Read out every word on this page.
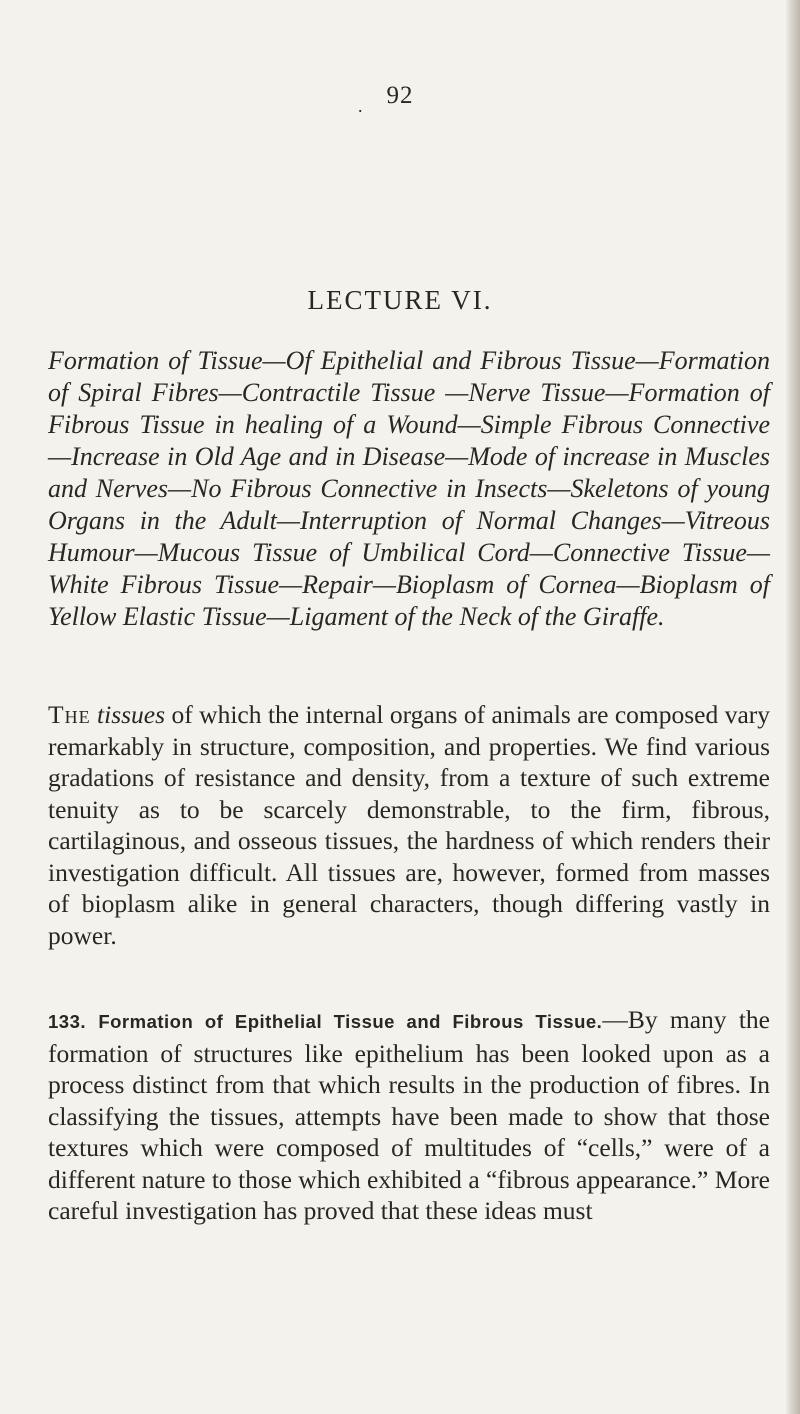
. 92
LECTURE VI.

Formation of Tissue—Of Epithelial and Fibrous Tissue—Formation of Spiral Fibres—Contractile Tissue —Nerve Tissue—Formation of Fibrous Tissue in healing of a Wound—Simple Fibrous Connective —Increase in Old Age and in Disease—Mode of increase in Muscles and Nerves—No Fibrous Connective in Insects—Skeletons of young Organs in the Adult—Interruption of Normal Changes—Vitreous Humour—Mucous Tissue of Umbilical Cord—Connective Tissue—White Fibrous Tissue—Repair—Bioplasm of Cornea—Bioplasm of Yellow Elastic Tissue—Ligament of the Neck of the Giraffe.

The tissues of which the internal organs of animals are composed vary remarkably in structure, composition, and properties. We find various gradations of resistance and density, from a texture of such extreme tenuity as to be scarcely demonstrable, to the firm, fibrous, cartilaginous, and osseous tissues, the hardness of which renders their investigation difficult. All tissues are, however, formed from masses of bioplasm alike in general characters, though differing vastly in power.

133. Formation of Epithelial Tissue and Fibrous Tissue.—By many the formation of structures like epithelium has been looked upon as a process distinct from that which results in the production of fibres. In classifying the tissues, attempts have been made to show that those textures which were composed of multitudes of “cells,” were of a different nature to those which exhibited a “fibrous appearance.” More careful investigation has proved that these ideas must
